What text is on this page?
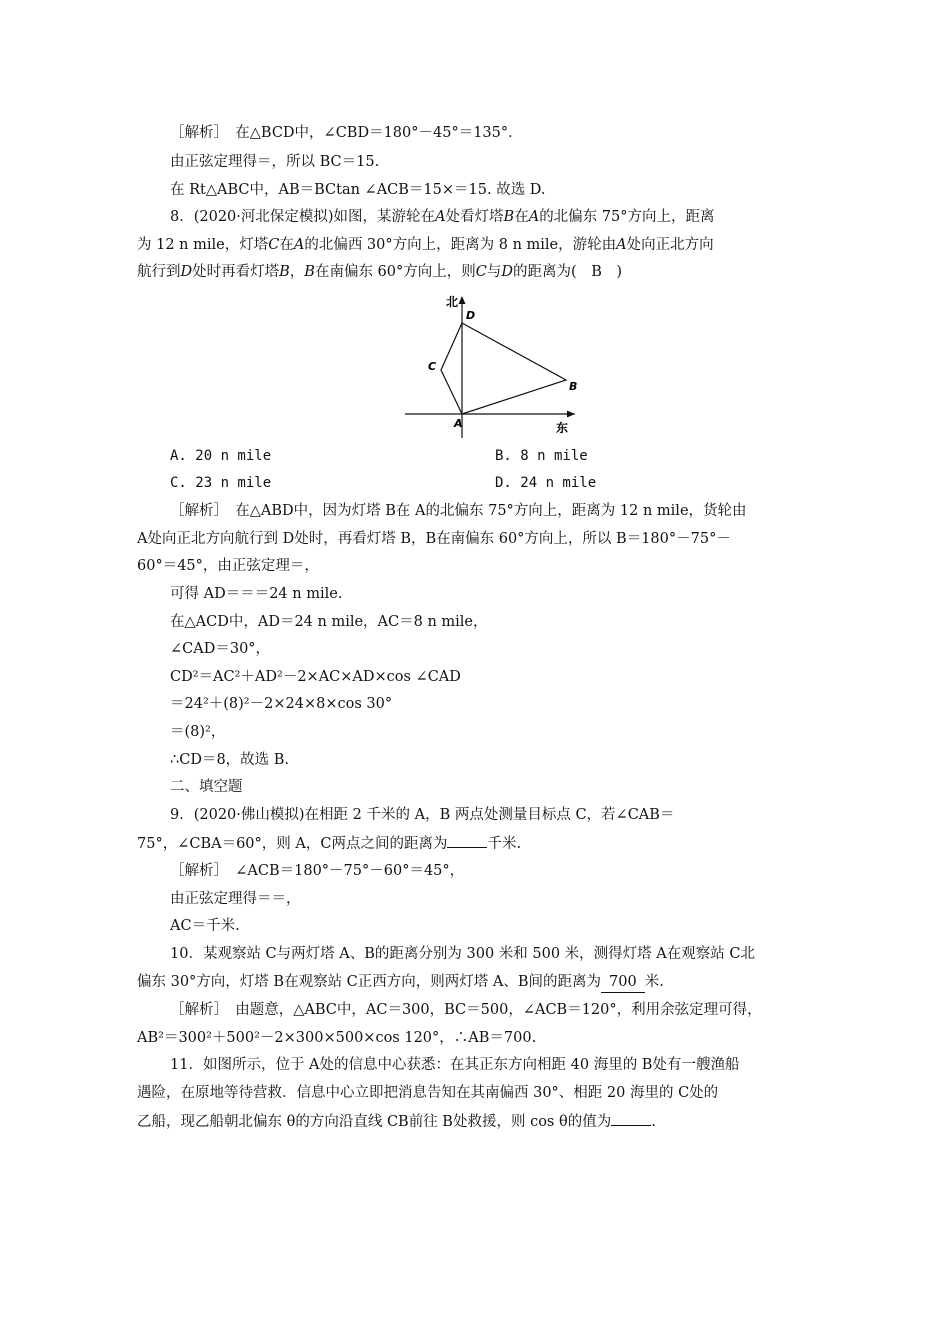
［解析］　在△BCD中，∠CBD＝180°－45°＝135°．
由正弦定理得＝，所以 BC＝15.
在 Rt△ABC中，AB＝BCtan ∠ACB＝15×＝15. 故选 D.
8．(2020·河北保定模拟)如图，某游轮在A处看灯塔B在A的北偏东 75°方向上，距离
为 12 n mile，灯塔C在A的北偏西 30°方向上，距离为 8 n mile，游轮由A处向正北方向
航行到D处时再看灯塔B，B在南偏东 60°方向上，则C与D的距离为(　B　)
北
D
C
B
A	东
A. 20 n mile	B. 8 n mile
C. 23 n mile	D. 24 n mile
［解析］　在△ABD中，因为灯塔 B在 A的北偏东 75°方向上，距离为 12 n mile，货轮由
A处向正北方向航行到 D处时，再看灯塔 B，B在南偏东 60°方向上，所以 B＝180°－75°－
60°＝45°，由正弦定理＝，
可得 AD＝＝＝24 n mile.
在△ACD中，AD＝24 n mile，AC＝8 n mile，
∠CAD＝30°，
CD²＝AC²＋AD²－2×AC×AD×cos ∠CAD
＝24²＋(8)²－2×24×8×cos 30°
＝(8)²，
∴CD＝8，故选 B.
二、填空题
9．(2020·佛山模拟)在相距 2 千米的 A，B 两点处测量目标点 C，若∠CAB＝
75°，∠CBA＝60°，则 A，C两点之间的距离为	千米.
［解析］　∠ACB＝180°－75°－60°＝45°，
由正弦定理得＝＝，
AC＝千米.
10．某观察站 C与两灯塔 A、B的距离分别为 300 米和 500 米，测得灯塔 A在观察站 C北
偏东 30°方向，灯塔 B在观察站 C正西方向，则两灯塔 A、B间的距离为 700 米.
［解析］　由题意，△ABC中，AC＝300，BC＝500，∠ACB＝120°，利用余弦定理可得，
AB²＝300²＋500²－2×300×500×cos 120°，∴AB＝700.
11．如图所示，位于 A处的信息中心获悉：在其正东方向相距 40 海里的 B处有一艘渔船
遇险，在原地等待营救．信息中心立即把消息告知在其南偏西 30°、相距 20 海里的 C处的
乙船，现乙船朝北偏东 θ的方向沿直线 CB前往 B处救援，则 cos θ的值为	.
